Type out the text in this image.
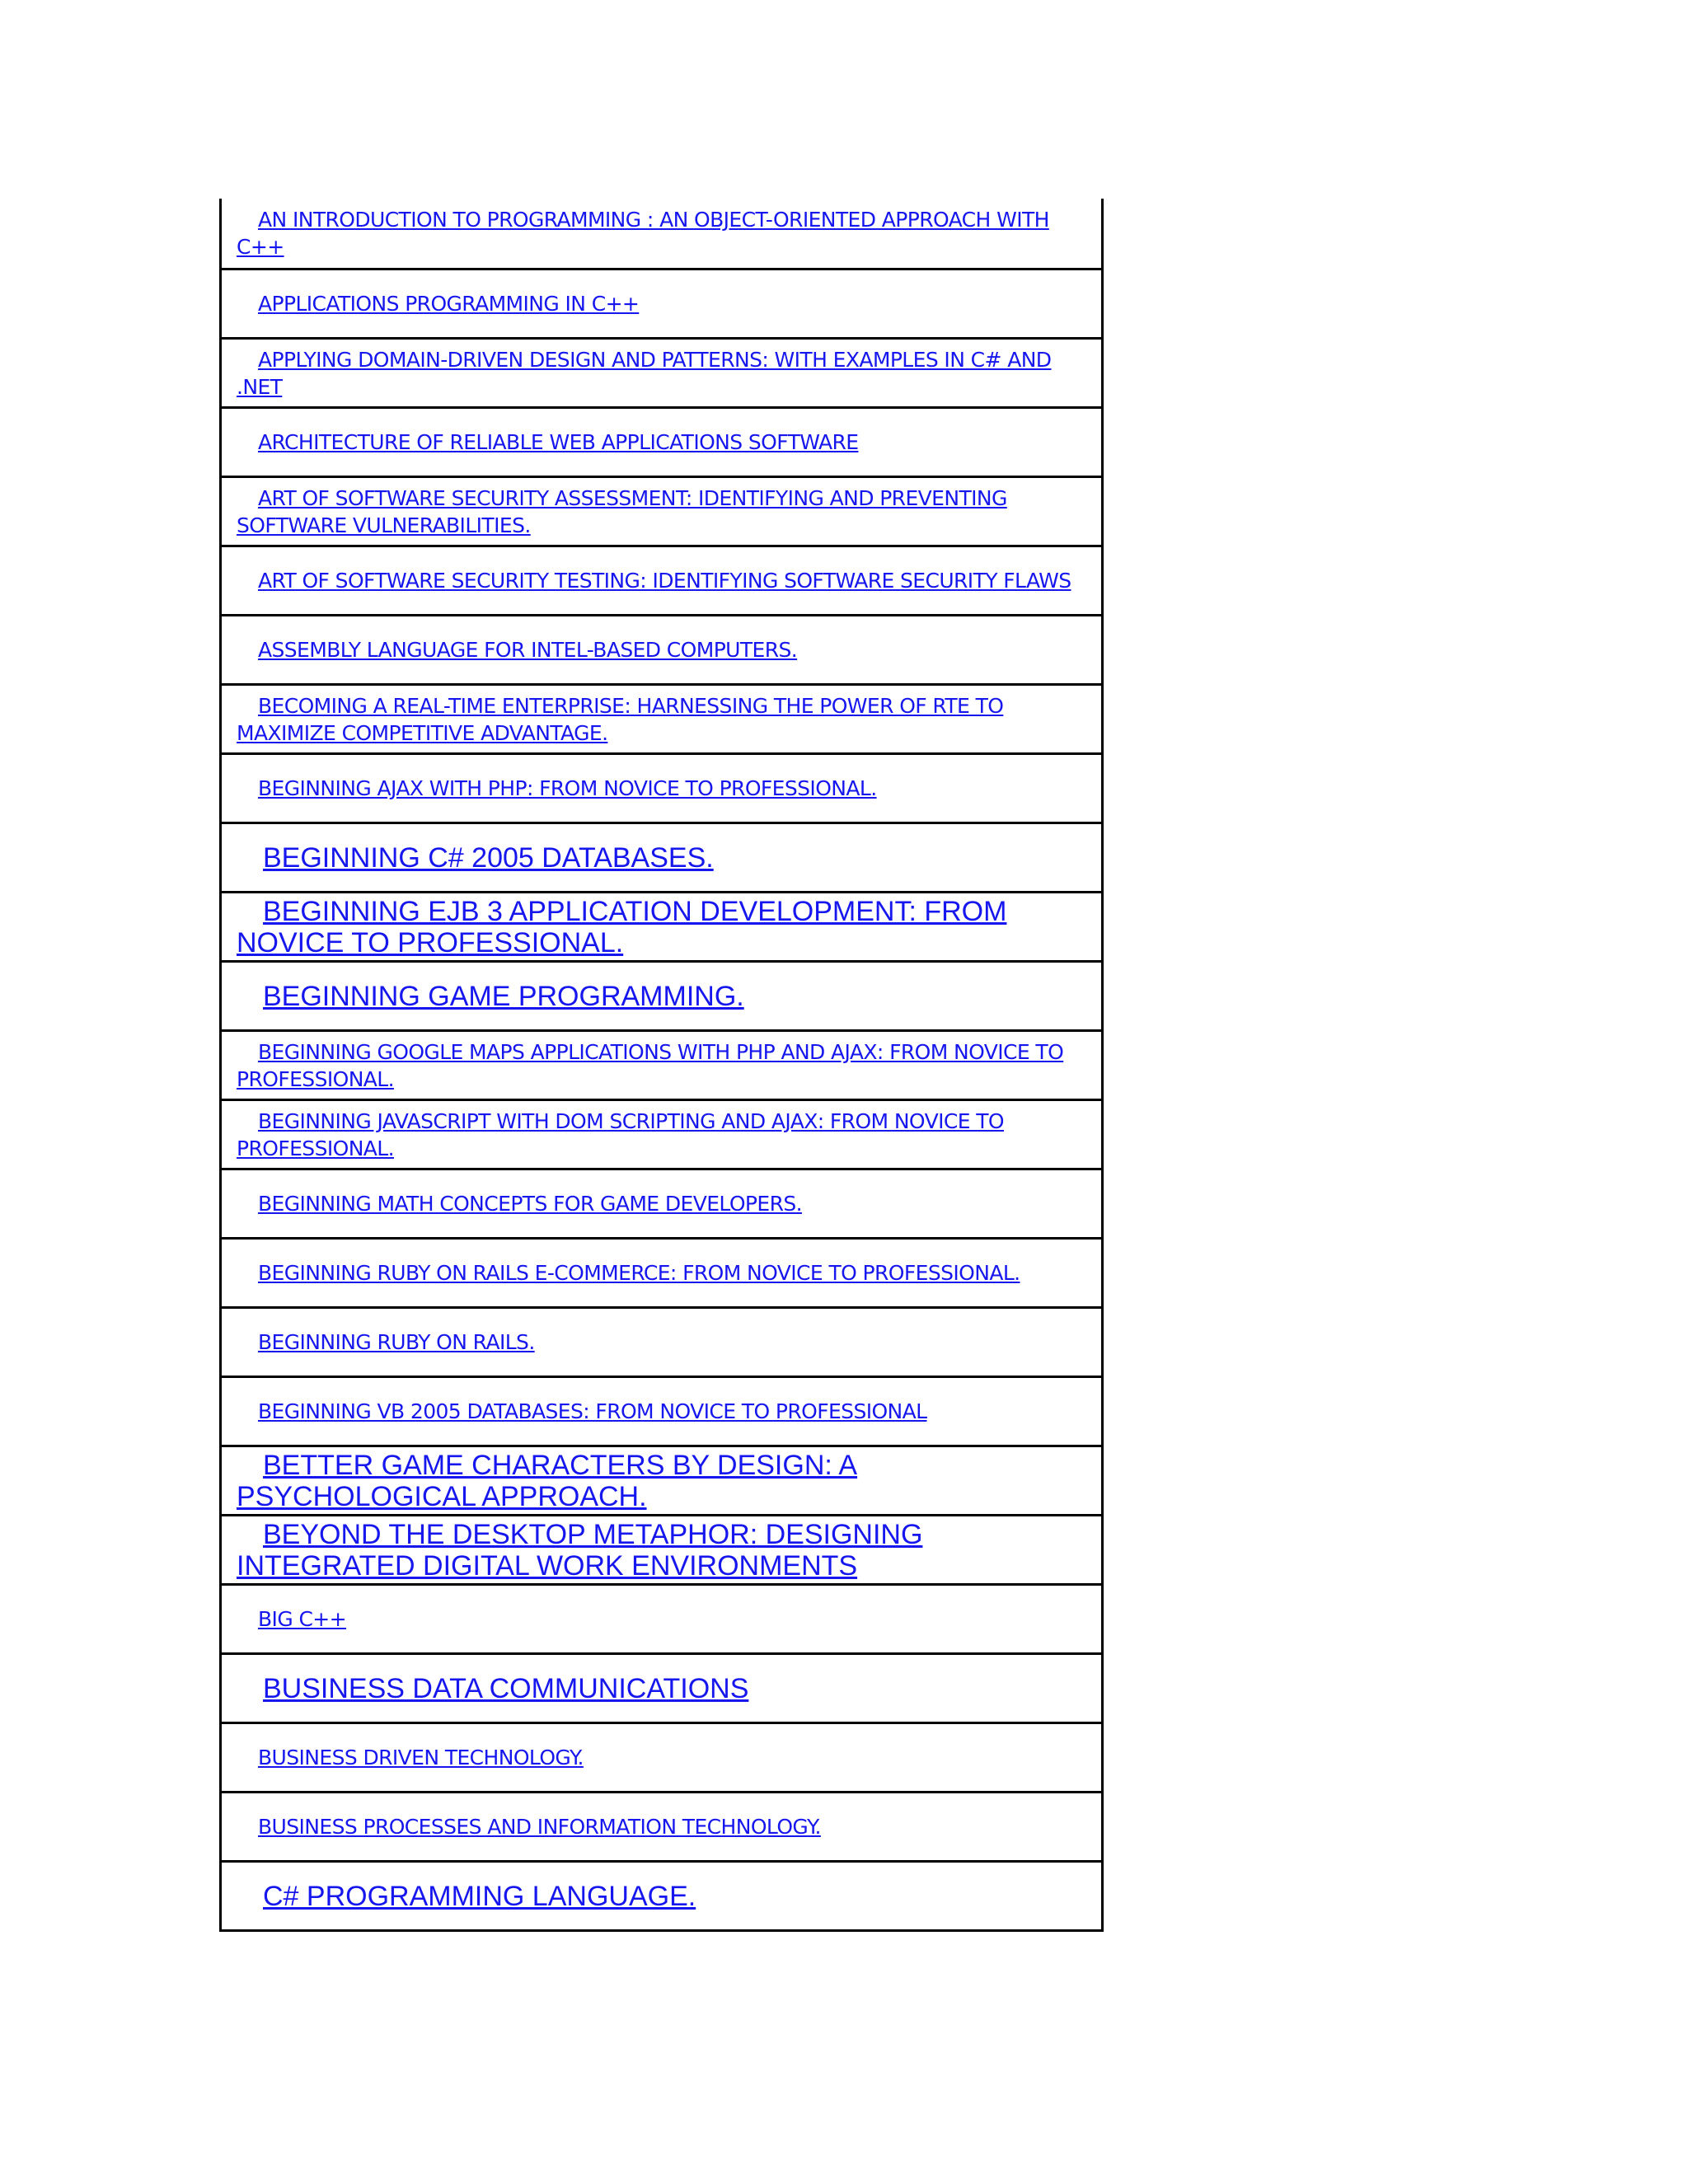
AN INTRODUCTION TO PROGRAMMING : AN OBJECT-ORIENTED APPROACH WITH C++
APPLICATIONS PROGRAMMING IN C++
APPLYING DOMAIN-DRIVEN DESIGN AND PATTERNS: WITH EXAMPLES IN C# AND .NET
ARCHITECTURE OF RELIABLE WEB APPLICATIONS SOFTWARE
ART OF SOFTWARE SECURITY ASSESSMENT: IDENTIFYING AND PREVENTING SOFTWARE VULNERABILITIES.
ART OF SOFTWARE SECURITY TESTING: IDENTIFYING SOFTWARE SECURITY FLAWS
ASSEMBLY LANGUAGE FOR INTEL-BASED COMPUTERS.
BECOMING A REAL-TIME ENTERPRISE: HARNESSING THE POWER OF RTE TO MAXIMIZE COMPETITIVE ADVANTAGE.
BEGINNING AJAX WITH PHP: FROM NOVICE TO PROFESSIONAL.
BEGINNING C# 2005 DATABASES.
BEGINNING EJB 3 APPLICATION DEVELOPMENT: FROM NOVICE TO PROFESSIONAL.
BEGINNING GAME PROGRAMMING.
BEGINNING GOOGLE MAPS APPLICATIONS WITH PHP AND AJAX: FROM NOVICE TO PROFESSIONAL.
BEGINNING JAVASCRIPT WITH DOM SCRIPTING AND AJAX: FROM NOVICE TO PROFESSIONAL.
BEGINNING MATH CONCEPTS FOR GAME DEVELOPERS.
BEGINNING RUBY ON RAILS E-COMMERCE: FROM NOVICE TO PROFESSIONAL.
BEGINNING RUBY ON RAILS.
BEGINNING VB 2005 DATABASES: FROM NOVICE TO PROFESSIONAL
BETTER GAME CHARACTERS BY DESIGN: A PSYCHOLOGICAL APPROACH.
BEYOND THE DESKTOP METAPHOR: DESIGNING INTEGRATED DIGITAL WORK ENVIRONMENTS
BIG C++
BUSINESS DATA COMMUNICATIONS
BUSINESS DRIVEN TECHNOLOGY.
BUSINESS PROCESSES AND INFORMATION TECHNOLOGY.
C# PROGRAMMING LANGUAGE.
